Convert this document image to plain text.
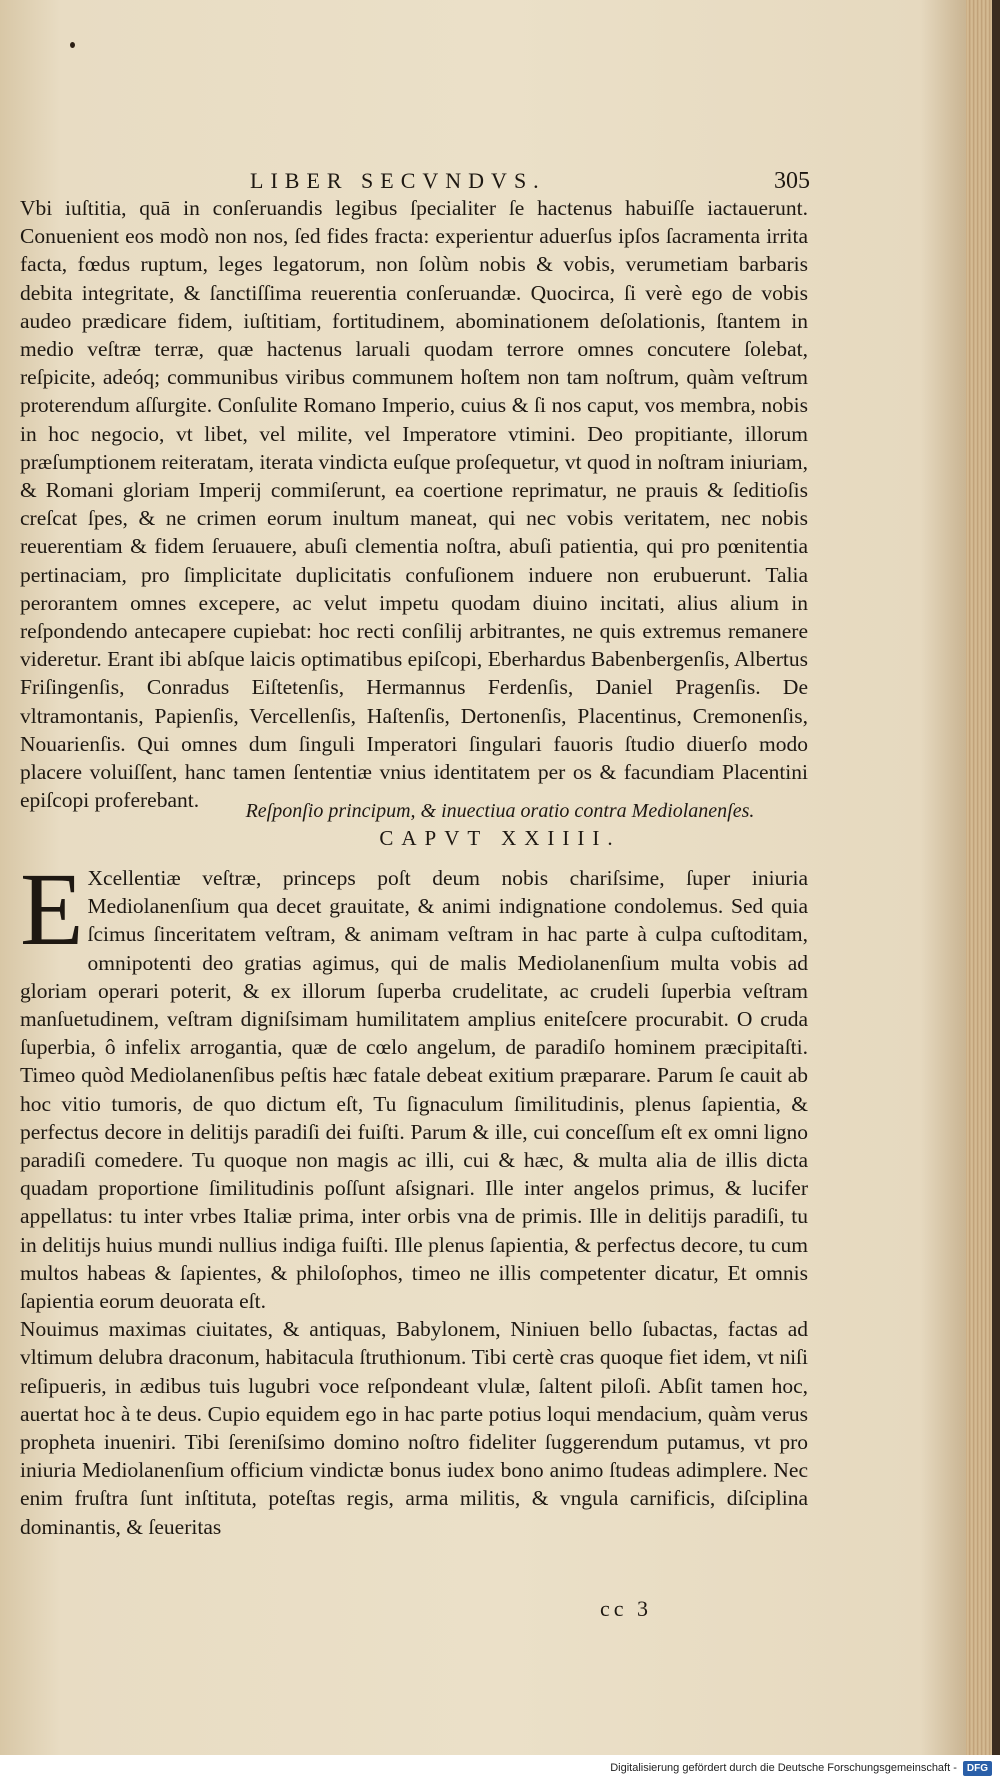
LIBER SECVNDVS.	305

Vbi iuſtitia, quā in conſeruandis legibus ſpecialiter ſe hactenus habuiſſe iactauerunt. Conuenient eos modò non nos, ſed fides fracta: experientur aduerſus ipſos ſacramenta irrita facta, fœdus ruptum, leges legatorum, non ſolùm nobis & vobis, verumetiam barbaris debita integritate, & ſanctiſſima reuerentia conſeruandæ. Quocirca, ſi verè ego de vobis audeo prædicare fidem, iuſtitiam, fortitudinem, abominationem deſolationis, ſtantem in medio veſtræ terræ, quæ hactenus laruali quodam terrore omnes concutere ſolebat, reſpicite, adeóq; communibus viribus communem hoſtem non tam noſtrum, quàm veſtrum proterendum aſſurgite. Conſulite Romano Imperio, cuius & ſi nos caput, vos membra, nobis in hoc negocio, vt libet, vel milite, vel Imperatore vtimini. Deo propitiante, illorum præſumptionem reiteratam, iterata vindicta euſque proſequetur, vt quod in noſtram iniuriam, & Romani gloriam Imperij commiſerunt, ea coertione reprimatur, ne prauis & ſeditioſis creſcat ſpes, & ne crimen eorum inultum maneat, qui nec vobis veritatem, nec nobis reuerentiam & fidem ſeruauere, abuſi clementia noſtra, abuſi patientia, qui pro pœnitentia pertinaciam, pro ſimplicitate duplicitatis confuſionem induere non erubuerunt. Talia perorantem omnes excepere, ac velut impetu quodam diuino incitati, alius alium in reſpondendo antecapere cupiebat: hoc recti conſilij arbitrantes, ne quis extremus remanere videretur. Erant ibi abſque laicis optimatibus epiſcopi, Eberhardus Babenbergenſis, Albertus Friſingenſis, Conradus Eiſtetenſis, Hermannus Ferdenſis, Daniel Pragenſis. De vltramontanis, Papienſis, Vercellenſis, Haſtenſis, Dertonenſis, Placentinus, Cremonenſis, Nouarienſis. Qui omnes dum ſinguli Imperatori ſingulari fauoris ſtudio diuerſo modo placere voluiſſent, hanc tamen ſententiæ vnius identitatem per os & facundiam Placentini epiſcopi proferebant.	Reſponſio principum, & inuectiua oratio contra Mediolanenſes.
CAPVT XXIIII.
E Xcellentiæ veſtræ, princeps poſt deum nobis chariſsime, ſuper iniuria Mediolanenſium qua decet grauitate, & animi indignatione condolemus. Sed quia ſcimus ſinceritatem veſtram, & animam veſtram in hac parte à culpa cuſtoditam, omnipotenti deo gratias agimus, qui de malis Mediolanenſium multa vobis ad gloriam operari poterit, & ex illorum ſuperba crudelitate, ac crudeli ſuperbia veſtram manſuetudinem, veſtram digniſsimam humilitatem amplius eniteſcere procurabit. O cruda ſuperbia, ô infelix arrogantia, quæ de cœlo angelum, de paradiſo hominem præcipitaſti. Timeo quòd Mediolanenſibus peſtis hæc fatale debeat exitium præparare. Parum ſe cauit ab hoc vitio tumoris, de quo dictum eſt, Tu ſignaculum ſimilitudinis, plenus ſapientia, & perfectus decore in delitijs paradiſi dei fuiſti. Parum & ille, cui conceſſum eſt ex omni ligno paradiſi comedere. Tu quoque non magis ac illi, cui & hæc, & multa alia de illis dicta quadam proportione ſimilitudinis poſſunt aſsignari. Ille inter angelos primus, & lucifer appellatus: tu inter vrbes Italiæ prima, inter orbis vna de primis. Ille in delitijs paradiſi, tu in delitijs huius mundi nullius indiga fuiſti. Ille plenus ſapientia, & perfectus decore, tu cum multos habeas & ſapientes, & philoſophos, timeo ne illis competenter dicatur, Et omnis ſapientia eorum deuorata eſt.

Nouimus maximas ciuitates, & antiquas, Babylonem, Niniuen bello ſubactas, factas ad vltimum delubra draconum, habitacula ſtruthionum. Tibi certè cras quoque fiet idem, vt niſi reſipueris, in ædibus tuis lugubri voce reſpondeant vlulæ, ſaltent piloſi. Abſit tamen hoc, auertat hoc à te deus. Cupio equidem ego in hac parte potius loqui mendacium, quàm verus propheta inueniri. Tibi ſereniſsimo domino noſtro fideliter ſuggerendum putamus, vt pro iniuria Mediolanenſium officium vindictæ bonus iudex bono animo ſtudeas adimplere. Nec enim fruſtra ſunt inſtituta, poteſtas regis, arma militis, & vngula carnificis, diſciplina dominantis, & ſeueritas

cc 3
Digitalisierung gefördert durch die Deutsche Forschungsgemeinschaft -	DFG
